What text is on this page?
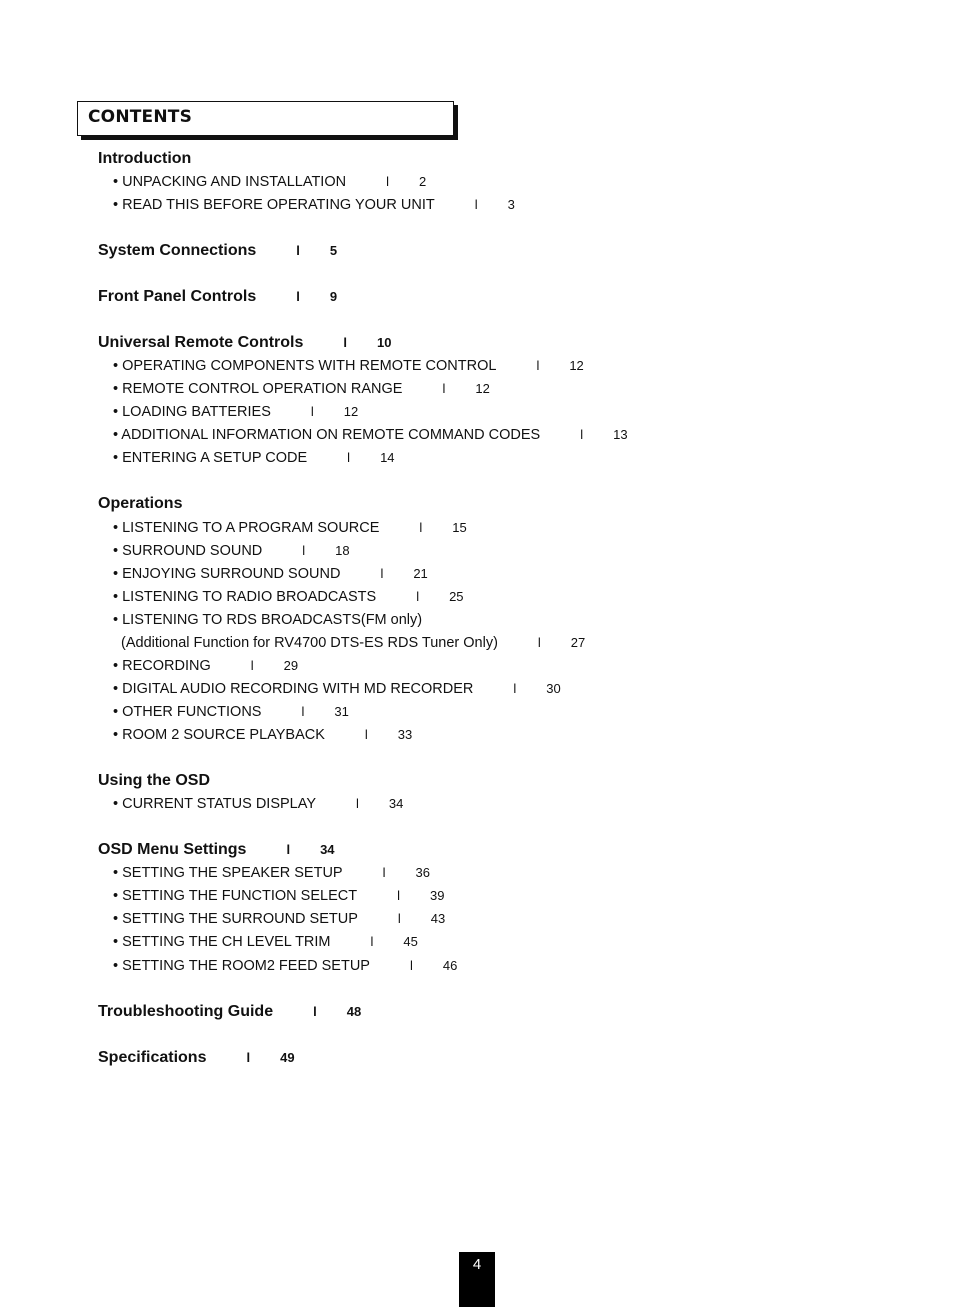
CONTENTS
Introduction
• UNPACKING AND INSTALLATION	l 2
• READ THIS BEFORE OPERATING YOUR UNIT	l 3
System Connections	l 5
Front Panel Controls	l 9
Universal Remote Controls	l 10
• OPERATING COMPONENTS WITH REMOTE CONTROL	l 12
• REMOTE CONTROL OPERATION RANGE	l 12
• LOADING BATTERIES	l 12
• ADDITIONAL INFORMATION ON REMOTE COMMAND CODES	l 13
• ENTERING A SETUP CODE	l 14
Operations
• LISTENING TO A PROGRAM SOURCE	l 15
• SURROUND SOUND	l 18
• ENJOYING SURROUND SOUND	l 21
• LISTENING TO RADIO BROADCASTS	l 25
• LISTENING TO RDS BROADCASTS(FM only)
(Additional Function for RV4700 DTS-ES RDS Tuner Only)	l 27
• RECORDING	l 29
• DIGITAL AUDIO RECORDING WITH MD RECORDER	l 30
• OTHER FUNCTIONS	l 31
• ROOM 2 SOURCE PLAYBACK	l 33
Using the OSD
• CURRENT STATUS DISPLAY	l 34
OSD Menu Settings	l 34
• SETTING THE SPEAKER SETUP	l 36
• SETTING THE FUNCTION SELECT	l 39
• SETTING THE SURROUND SETUP	l 43
• SETTING THE CH LEVEL TRIM	l 45
• SETTING THE ROOM2 FEED SETUP	l 46
Troubleshooting Guide	l 48
Specifications	l 49
4
